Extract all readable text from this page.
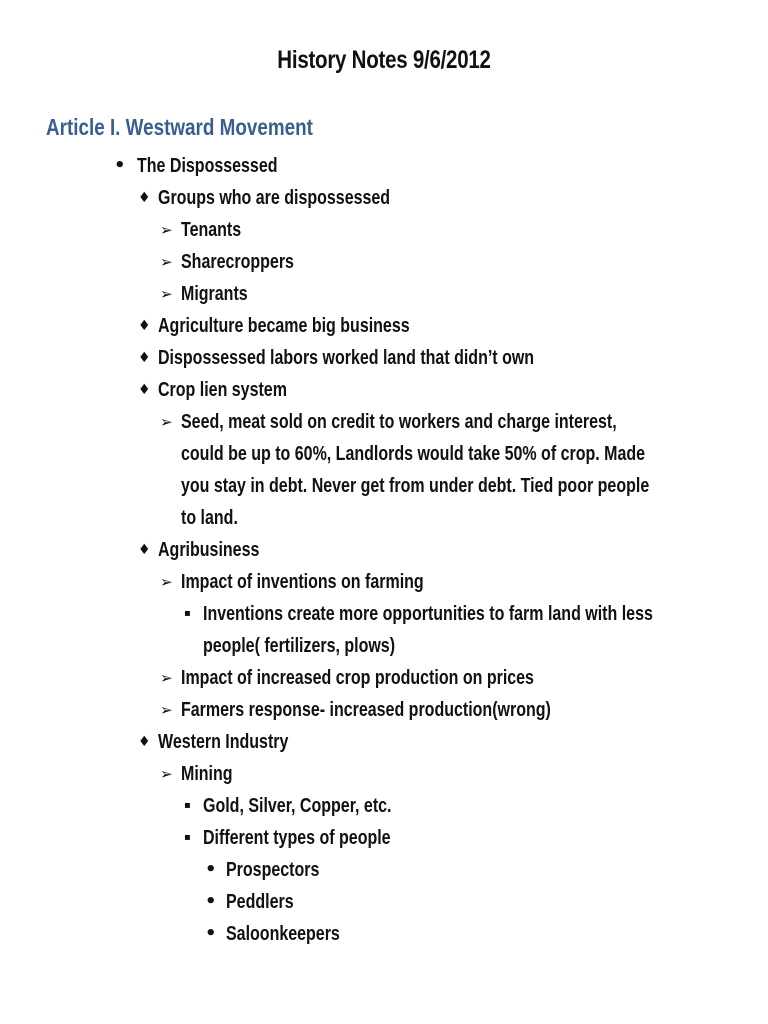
History Notes 9/6/2012
Article I. Westward Movement
• The Dispossessed
♦ Groups who are dispossessed
➢ Tenants
➢ Sharecroppers
➢ Migrants
♦ Agriculture became big business
♦ Dispossessed labors worked land that didn’t own
♦ Crop lien system
➢ Seed, meat sold on credit to workers and charge interest,
could be up to 60%, Landlords would take 50% of crop. Made
you stay in debt. Never get from under debt. Tied poor people
to land.
♦ Agribusiness
➢ Impact of inventions on farming
▪ Inventions create more opportunities to farm land with less
people( fertilizers, plows)
➢ Impact of increased crop production on prices
➢ Farmers response- increased production(wrong)
♦ Western Industry
➢ Mining
▪ Gold, Silver, Copper, etc.
▪ Different types of people
• Prospectors
• Peddlers
• Saloonkeepers
